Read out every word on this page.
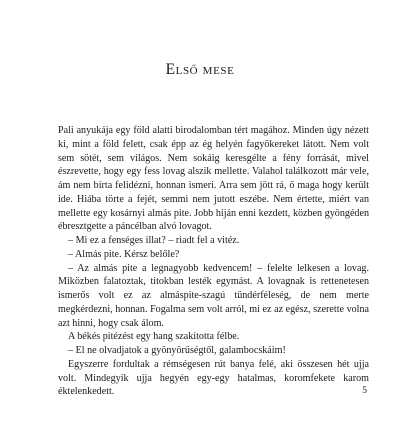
Első mese

Pali anyukája egy föld alatti birodalomban tért magához. Minden úgy nézett ki, mint a föld felett, csak épp az ég helyén fagyökereket látott. Nem volt sem sötét, sem világos. Nem sokáig keresgélte a fény forrását, mivel észrevette, hogy egy fess lovag alszik mellette. Valahol találkozott már vele, ám nem bírta felidézni, honnan ismeri. Arra sem jött rá, ő maga hogy került ide. Hiába törte a fejét, semmi nem jutott eszébe. Nem értette, miért van mellette egy kosárnyi almás pite. Jobb híján enni kezdett, közben gyöngéden ébresztgette a páncélban alvó lovagot.

– Mi ez a fenséges illat? – riadt fel a vitéz.

– Almás pite. Kérsz belőle?

– Az almás pite a legnagyobb kedvencem! – felelte lelkesen a lovag. Miközben falatoztak, titokban lesték egymást. A lovagnak is rettenetesen ismerős volt ez az almáspite-szagú tündérféleség, de nem merte megkérdezni, honnan. Fogalma sem volt arról, mi ez az egész, szerette volna azt hinni, hogy csak álom.

A békés pitézést egy hang szakította félbe.

– El ne olvadjatok a gyönyörűségtől, galambocskáim!

Egyszerre fordultak a rémségesen rút banya felé, aki összesen hét ujja volt. Mindegyik ujja hegyén egy-egy hatalmas, koromfekete karom éktelenkedett.	5
